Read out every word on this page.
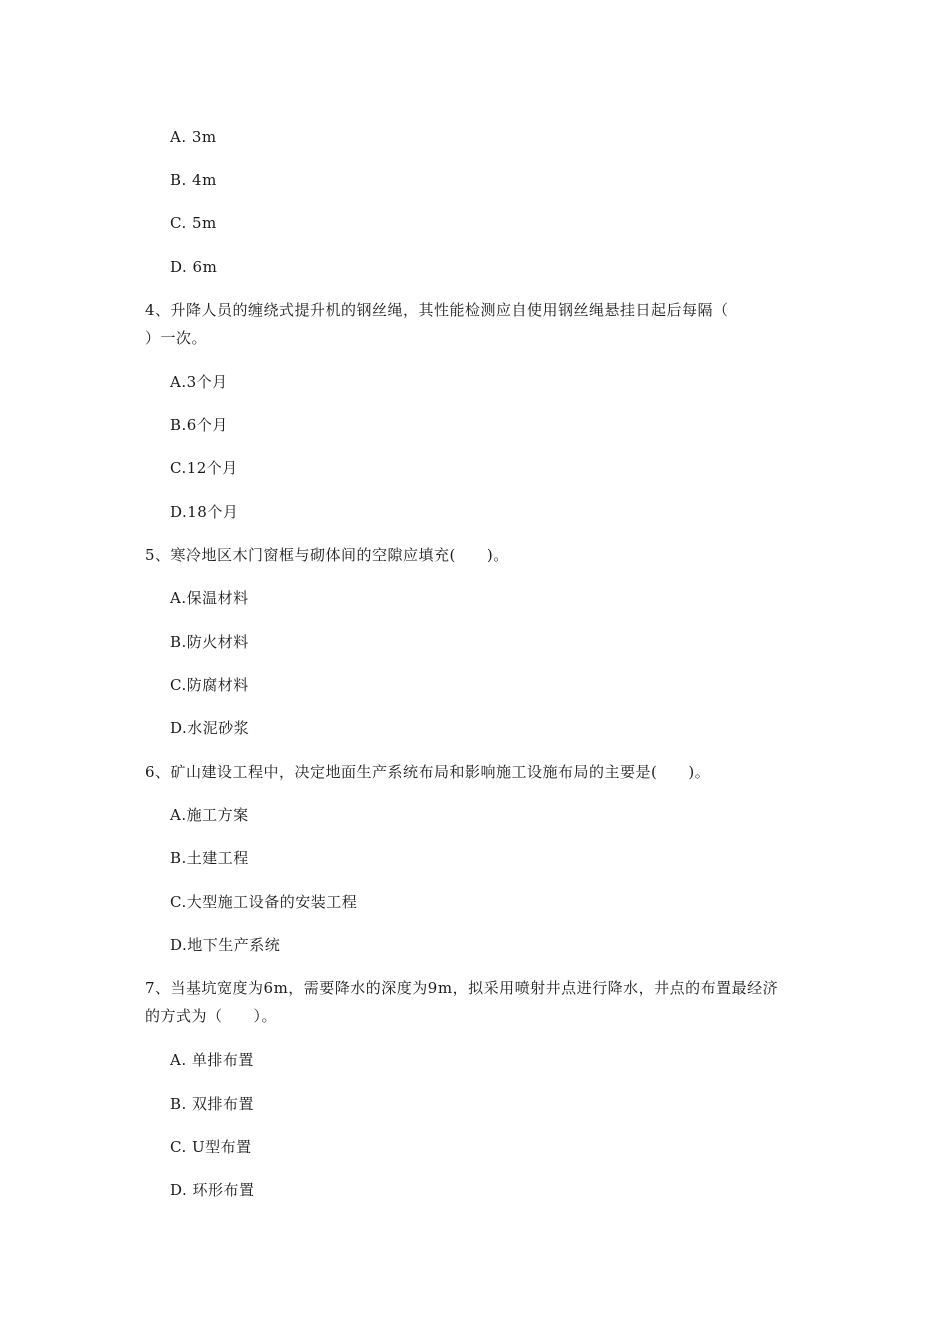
A. 3m
B. 4m
C. 5m
D. 6m
4、升降人员的缠绕式提升机的钢丝绳，其性能检测应自使用钢丝绳悬挂日起后每隔（
）一次。
A.3个月
B.6个月
C.12个月
D.18个月
5、寒冷地区木门窗框与砌体间的空隙应填充(　　)。
A.保温材料
B.防火材料
C.防腐材料
D.水泥砂浆
6、矿山建设工程中，决定地面生产系统布局和影响施工设施布局的主要是(　　)。
A.施工方案
B.土建工程
C.大型施工设备的安装工程
D.地下生产系统
7、当基坑宽度为6m，需要降水的深度为9m，拟采用喷射井点进行降水，井点的布置最经济
的方式为（　　）。
A. 单排布置
B. 双排布置
C. U型布置
D. 环形布置
